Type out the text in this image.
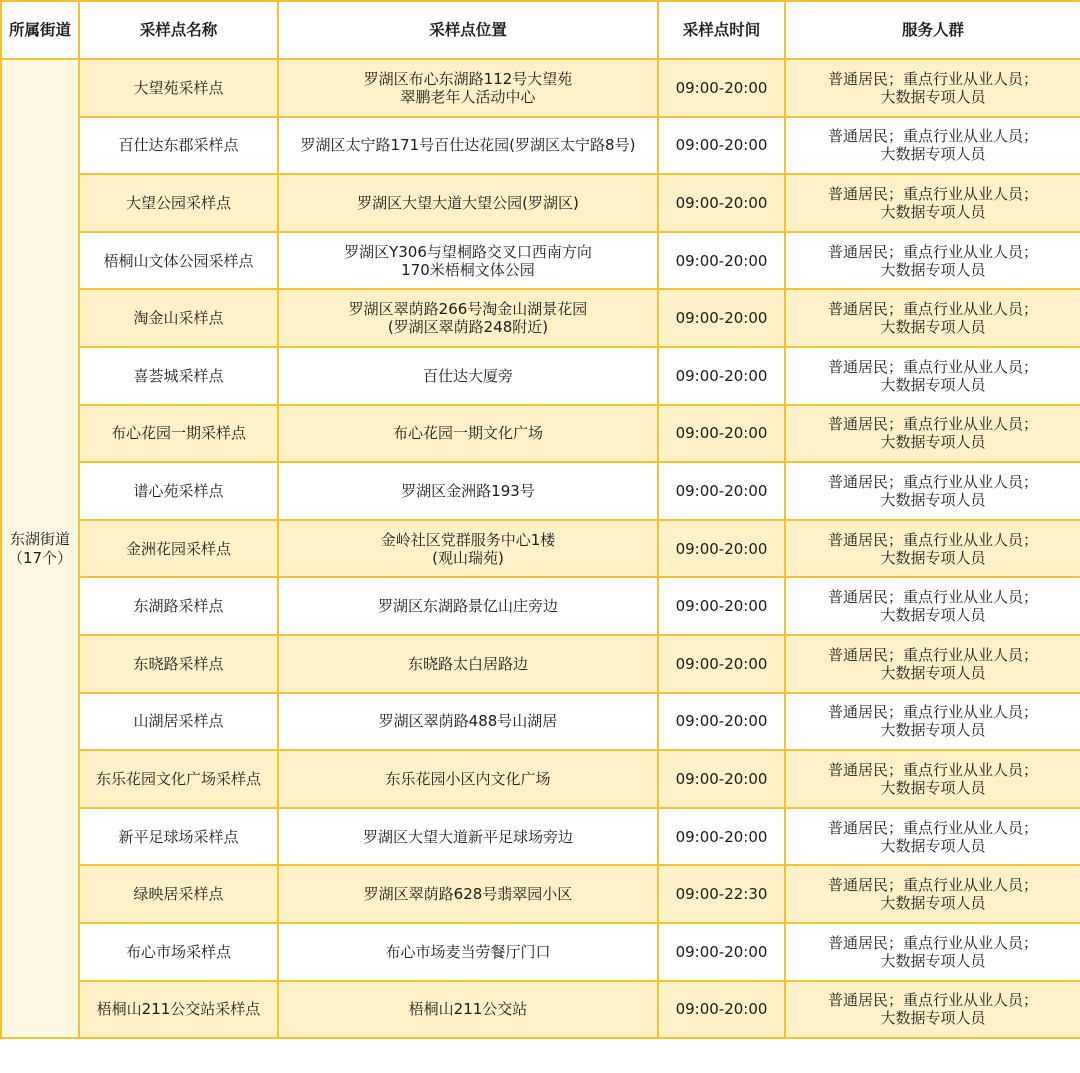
所属街道	采样点名称	采样点位置	采样点时间	服务人群

东湖街道
（17个）	大望苑采样点	罗湖区布心东湖路112号大望苑
翠鹏老年人活动中心	09:00-20:00	普通居民；重点行业从业人员；
大数据专项人员

	百仕达东郡采样点	罗湖区太宁路171号百仕达花园(罗湖区太宁路8号)	09:00-20:00	普通居民；重点行业从业人员；
大数据专项人员

	大望公园采样点	罗湖区大望大道大望公园(罗湖区)	09:00-20:00	普通居民；重点行业从业人员；
大数据专项人员

	梧桐山文体公园采样点	罗湖区Y306与望桐路交叉口西南方向
170米梧桐文体公园	09:00-20:00	普通居民；重点行业从业人员；
大数据专项人员

	淘金山采样点	罗湖区翠荫路266号淘金山湖景花园
(罗湖区翠荫路248附近)	09:00-20:00	普通居民；重点行业从业人员；
大数据专项人员

	喜荟城采样点	百仕达大厦旁	09:00-20:00	普通居民；重点行业从业人员；
大数据专项人员

	布心花园一期采样点	布心花园一期文化广场	09:00-20:00	普通居民；重点行业从业人员；
大数据专项人员

	谱心苑采样点	罗湖区金洲路193号	09:00-20:00	普通居民；重点行业从业人员；
大数据专项人员

	金洲花园采样点	金岭社区党群服务中心1楼
(观山瑞苑)	09:00-20:00	普通居民；重点行业从业人员；
大数据专项人员

	东湖路采样点	罗湖区东湖路景亿山庄旁边	09:00-20:00	普通居民；重点行业从业人员；
大数据专项人员

	东晓路采样点	东晓路太白居路边	09:00-20:00	普通居民；重点行业从业人员；
大数据专项人员

	山湖居采样点	罗湖区翠荫路488号山湖居	09:00-20:00	普通居民；重点行业从业人员；
大数据专项人员

	东乐花园文化广场采样点	东乐花园小区内文化广场	09:00-20:00	普通居民；重点行业从业人员；
大数据专项人员

	新平足球场采样点	罗湖区大望大道新平足球场旁边	09:00-20:00	普通居民；重点行业从业人员；
大数据专项人员

	绿映居采样点	罗湖区翠荫路628号翡翠园小区	09:00-22:30	普通居民；重点行业从业人员；
大数据专项人员

	布心市场采样点	布心市场麦当劳餐厅门口	09:00-20:00	普通居民；重点行业从业人员；
大数据专项人员

	梧桐山211公交站采样点	梧桐山211公交站	09:00-20:00	普通居民；重点行业从业人员；
大数据专项人员
